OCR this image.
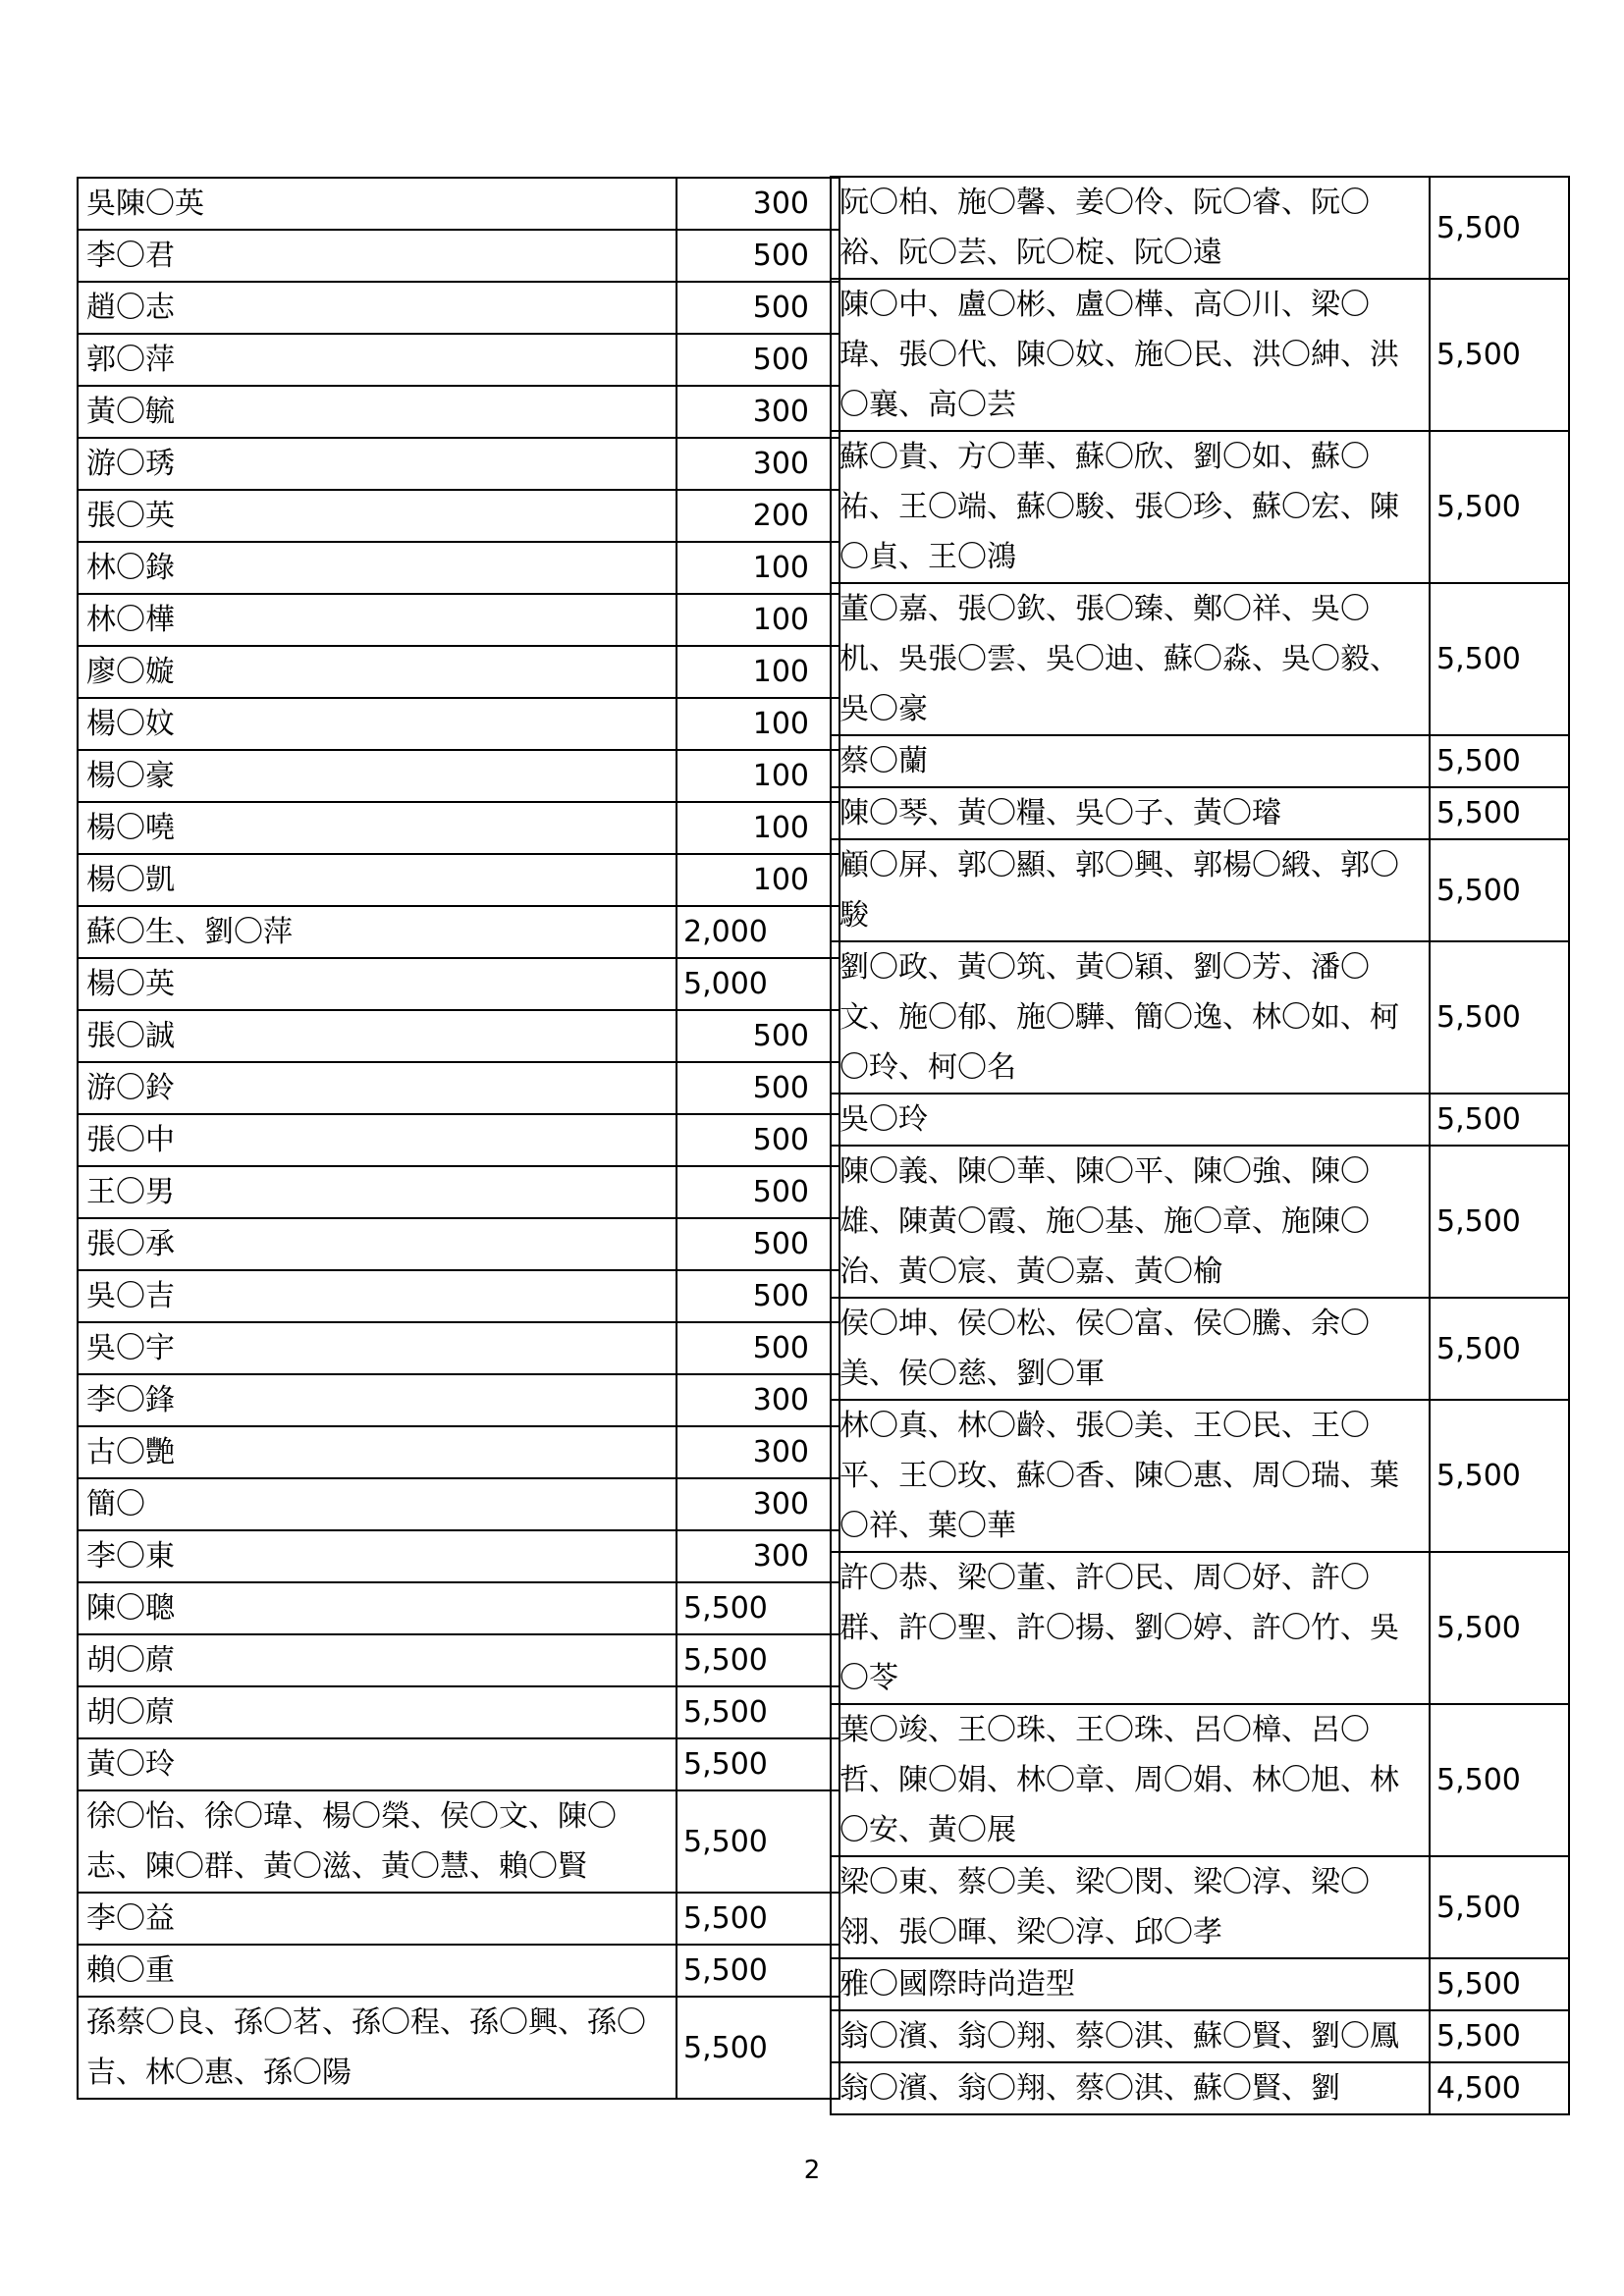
吳陳〇英	300
李〇君	500
趙〇志	500
郭〇萍	500
黃〇毓	300
游〇琇	300
張〇英	200
林〇錄	100
林〇樺	100
廖〇嫙	100
楊〇妏	100
楊〇豪	100
楊〇嘵	100
楊〇凱	100
蘇〇生、劉〇萍	2,000
楊〇英	5,000
張〇誠	500
游〇鈴	500
張〇中	500
王〇男	500
張〇承	500
吳〇吉	500
吳〇宇	500
李〇鋒	300
古〇艷	300
簡〇	300
李〇東	300
陳〇聰	5,500
胡〇蒝	5,500
胡〇蒝	5,500
黃〇玲	5,500
徐〇怡、徐〇瑋、楊〇榮、侯〇文、陳〇志、陳〇群、黃〇滋、黃〇慧、賴〇賢	5,500
李〇益	5,500
賴〇重	5,500
孫蔡〇良、孫〇茗、孫〇程、孫〇興、孫〇吉、林〇惠、孫〇陽	5,500
阮〇柏、施〇馨、姜〇伶、阮〇睿、阮〇裕、阮〇芸、阮〇椗、阮〇遠	5,500
陳〇中、盧〇彬、盧〇樺、高〇川、梁〇瑋、張〇代、陳〇妏、施〇民、洪〇紳、洪〇襄、高〇芸	5,500
蘇〇貴、方〇華、蘇〇欣、劉〇如、蘇〇祐、王〇端、蘇〇駿、張〇珍、蘇〇宏、陳〇貞、王〇鴻	5,500
董〇嘉、張〇欽、張〇臻、鄭〇祥、吳〇机、吳張〇雲、吳〇迪、蘇〇淼、吳〇毅、吳〇豪	5,500
蔡〇蘭	5,500
陳〇琴、黃〇糧、吳〇子、黃〇璿	5,500
顧〇屏、郭〇顯、郭〇興、郭楊〇緞、郭〇駿	5,500
劉〇政、黃〇筑、黃〇穎、劉〇芳、潘〇文、施〇郁、施〇驊、簡〇逸、林〇如、柯〇玲、柯〇名	5,500
吳〇玲	5,500
陳〇義、陳〇華、陳〇平、陳〇強、陳〇雄、陳黃〇霞、施〇基、施〇章、施陳〇治、黃〇宸、黃〇嘉、黃〇榆	5,500
侯〇坤、侯〇松、侯〇富、侯〇騰、余〇美、侯〇慈、劉〇軍	5,500
林〇真、林〇齡、張〇美、王〇民、王〇平、王〇玫、蘇〇香、陳〇惠、周〇瑞、葉〇祥、葉〇華	5,500
許〇恭、梁〇董、許〇民、周〇妤、許〇群、許〇聖、許〇揚、劉〇婷、許〇竹、吳〇苓	5,500
葉〇竣、王〇珠、王〇珠、呂〇樟、呂〇哲、陳〇娟、林〇章、周〇娟、林〇旭、林〇安、黃〇展	5,500
梁〇東、蔡〇美、梁〇閔、梁〇淳、梁〇翎、張〇暉、梁〇淳、邱〇孝	5,500
雅〇國際時尚造型	5,500
翁〇濱、翁〇翔、蔡〇淇、蘇〇賢、劉〇鳳	5,500
翁〇濱、翁〇翔、蔡〇淇、蘇〇賢、劉	4,500
2
